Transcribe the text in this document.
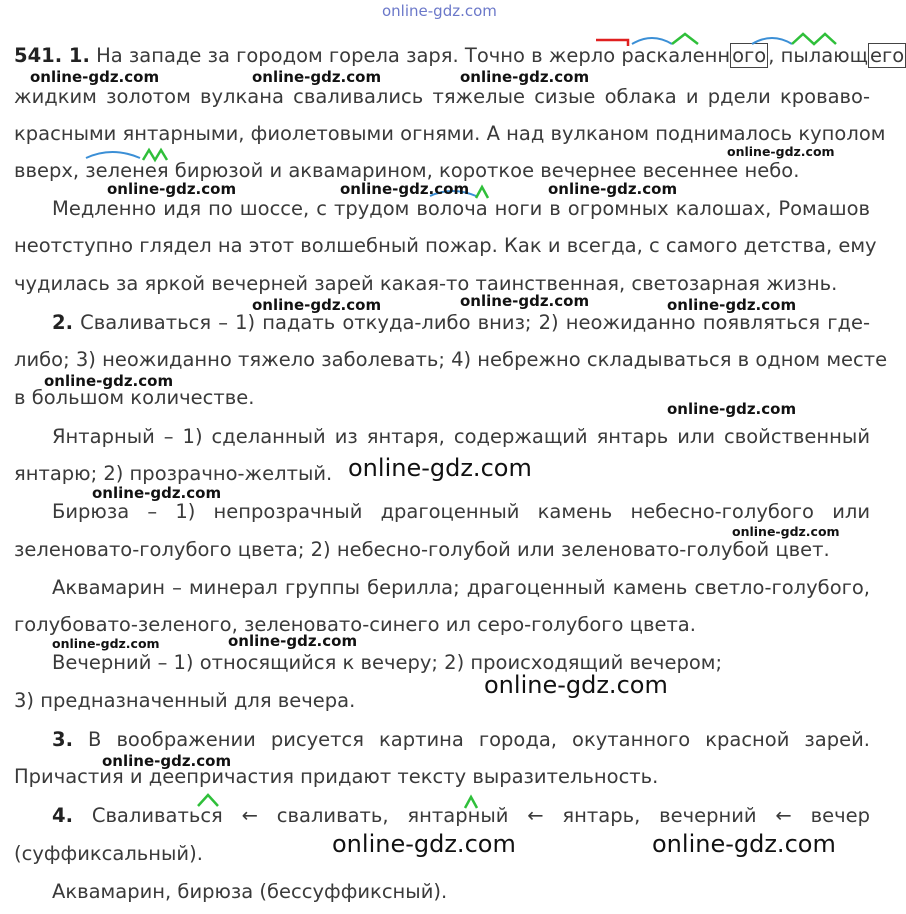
online-gdz.com
541. 1. На западе за городом горела заря. Точно в жерло раскаленн ого , пылающ его
жидким золотом вулкана сваливались тяжелые сизые облака и рдели кроваво-
красными янтарными, фиолетовыми огнями. А над вулканом поднималось куполом
вверх, зеленея бирюзой и аквамарином, короткое вечернее весеннее небо.
Медленно идя по шоссе, с трудом волоча ноги в огромных калошах, Ромашов
неотступно глядел на этот волшебный пожар. Как и всегда, с самого детства, ему
чудилась за яркой вечерней зарей какая-то таинственная, светозарная жизнь.
2. Сваливаться – 1) падать откуда-либо вниз; 2) неожиданно появляться где-
либо; 3) неожиданно тяжело заболевать; 4) небрежно складываться в одном месте
в большом количестве.
Янтарный – 1) сделанный из янтаря, содержащий янтарь или свойственный
янтарю; 2) прозрачно-желтый.
Бирюза – 1) непрозрачный драгоценный камень небесно-голубого или
зеленовато-голубого цвета; 2) небесно-голубой или зеленовато-голубой цвет.
Аквамарин – минерал группы берилла; драгоценный камень светло-голубого,
голубовато-зеленого, зеленовато-синего ил серо-голубого цвета.
Вечерний – 1) относящийся к вечеру; 2) происходящий вечером;
3) предназначенный для вечера.
3. В воображении рисуется картина города, окутанного красной зарей.
Причастия и деепричастия придают тексту выразительность.
4. Сваливаться ← сваливать, янтарный ← янтарь, вечерний ← вечер
(суффиксальный).
Аквамарин, бирюза (бессуффиксный).
online-gdz.com	online-gdz.com	online-gdz.com
online-gdz.com
online-gdz.com	online-gdz.com	online-gdz.com
online-gdz.com	online-gdz.com	online-gdz.com
online-gdz.com
online-gdz.com
online-gdz.com
online-gdz.com
online-gdz.com
online-gdz.com	online-gdz.com
online-gdz.com
online-gdz.com
online-gdz.com	online-gdz.com
